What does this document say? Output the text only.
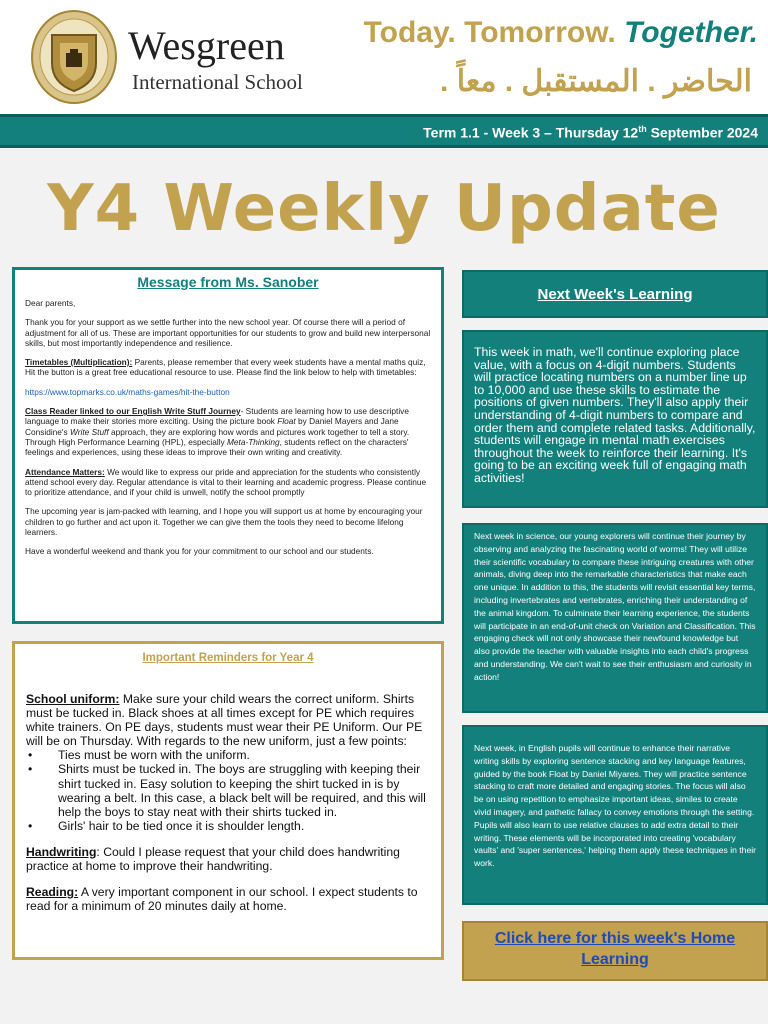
Wesgreen
International School
Today. Tomorrow. Together.
الحاضر . المستقبل . معاً .
Term 1.1 - Week 3 – Thursday 12th September 2024
Y4 Weekly Update
Message from Ms. Sanober

Dear parents,

Thank you for your support as we settle further into the new school year. Of course there will a period of adjustment for all of us. These are important opportunities for our students to grow and build new interpersonal skills, but most importantly independence and resilience.

Timetables (Multiplication): Parents, please remember that every week students have a mental maths quiz, Hit the button is a great free educational resource to use. Please find the link below to help with timetables:

https://www.topmarks.co.uk/maths-games/hit-the-button

Class Reader linked to our English Write Stuff Journey- Students are learning how to use descriptive language to make their stories more exciting. Using the picture book Float by Daniel Mayers and Jane Considine's Write Stuff approach, they are exploring how words and pictures work together to tell a story. Through High Performance Learning (HPL), especially Meta-Thinking, students reflect on the characters' feelings and experiences, using these ideas to improve their own writing and creativity.

Attendance Matters: We would like to express our pride and appreciation for the students who consistently attend school every day. Regular attendance is vital to their learning and academic progress. Please continue to prioritize attendance, and if your child is unwell, notify the school promptly

The upcoming year is jam-packed with learning, and I hope you will support us at home by encouraging your children to go further and act upon it. Together we can give them the tools they need to become lifelong learners.

Have a wonderful weekend and thank you for your commitment to our school and our students.

Important Reminders for Year 4
School uniform: Make sure your child wears the correct uniform. Shirts must be tucked in. Black shoes at all times except for PE which requires white trainers. On PE days, students must wear their PE Uniform. Our PE will be on Thursday. With regards to the new uniform, just a few points:
• Ties must be worn with the uniform.
• Shirts must be tucked in. The boys are struggling with keeping their shirt tucked in. Easy solution to keeping the shirt tucked in is by wearing a belt. In this case, a black belt will be required, and this will help the boys to stay neat with their shirts tucked in.
• Girls' hair to be tied once it is shoulder length.
Handwriting: Could I please request that your child does handwriting practice at home to improve their handwriting.
Reading: A very important component in our school. I expect students to read for a minimum of 20 minutes daily at home.
Next Week's Learning
This week in math, we'll continue exploring place value, with a focus on 4-digit numbers. Students will practice locating numbers on a number line up to 10,000 and use these skills to estimate the positions of given numbers. They'll also apply their understanding of 4-digit numbers to compare and order them and complete related tasks. Additionally, students will engage in mental math exercises throughout the week to reinforce their learning. It's going to be an exciting week full of engaging math activities!
Next week in science, our young explorers will continue their journey by observing and analyzing the fascinating world of worms! They will utilize their scientific vocabulary to compare these intriguing creatures with other animals, diving deep into the remarkable characteristics that make each one unique. In addition to this, the students will revisit essential key terms, including invertebrates and vertebrates, enriching their understanding of the animal kingdom. To culminate their learning experience, the students will participate in an end-of-unit check on Variation and Classification. This engaging check will not only showcase their newfound knowledge but also provide the teacher with valuable insights into each child's progress and understanding. We can't wait to see their enthusiasm and curiosity in action!
Next week, in English pupils will continue to enhance their narrative writing skills by exploring sentence stacking and key language features, guided by the book Float by Daniel Miyares. They will practice sentence stacking to craft more detailed and engaging stories. The focus will also be on using repetition to emphasize important ideas, similes to create vivid imagery, and pathetic fallacy to convey emotions through the setting. Pupils will also learn to use relative clauses to add extra detail to their writing. These elements will be incorporated into creating 'vocabulary vaults' and 'super sentences,' helping them apply these techniques in their work.
Click here for this week's Home Learning
